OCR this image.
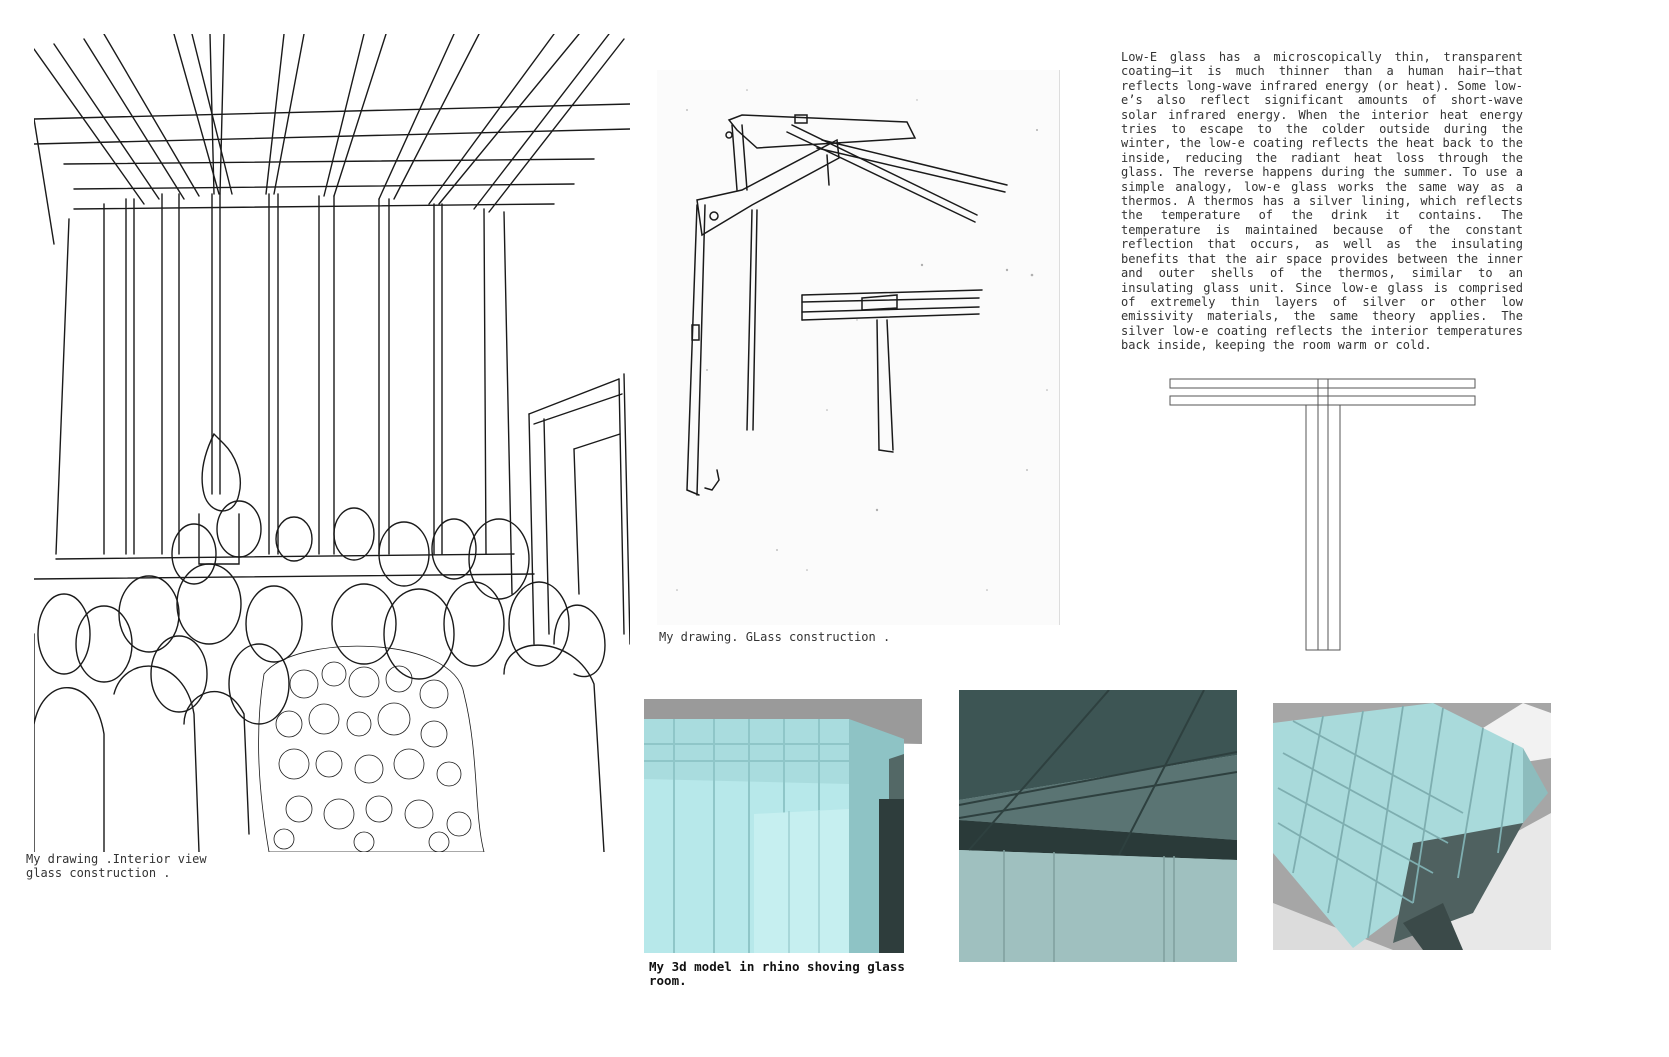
My drawing .Interior view
glass construction .
My drawing. GLass construction .
Low-E glass has a microscopically thin, transparent coating—it is much thinner than a human hair—that reflects long-wave infrared energy (or heat). Some low-e’s also reflect significant amounts of short-wave solar infrared energy. When the interior heat energy tries to escape to the colder outside during the winter, the low-e coating reflects the heat back to the inside, reducing the radiant heat loss through the glass. The reverse happens during the summer. To use a simple analogy, low-e glass works the same way as a thermos. A thermos has a silver lining, which reflects the temperature of the drink it contains. The temperature is maintained because of the constant reflection that occurs, as well as the insulating benefits that the air space provides between the inner and outer shells of the thermos, similar to an insulating glass unit. Since low-e glass is comprised of extremely thin layers of silver or other low emissivity materials, the same theory applies. The silver low-e coating reflects the interior temperatures back inside, keeping the room warm or cold.
My 3d model in rhino shoving glass room.
